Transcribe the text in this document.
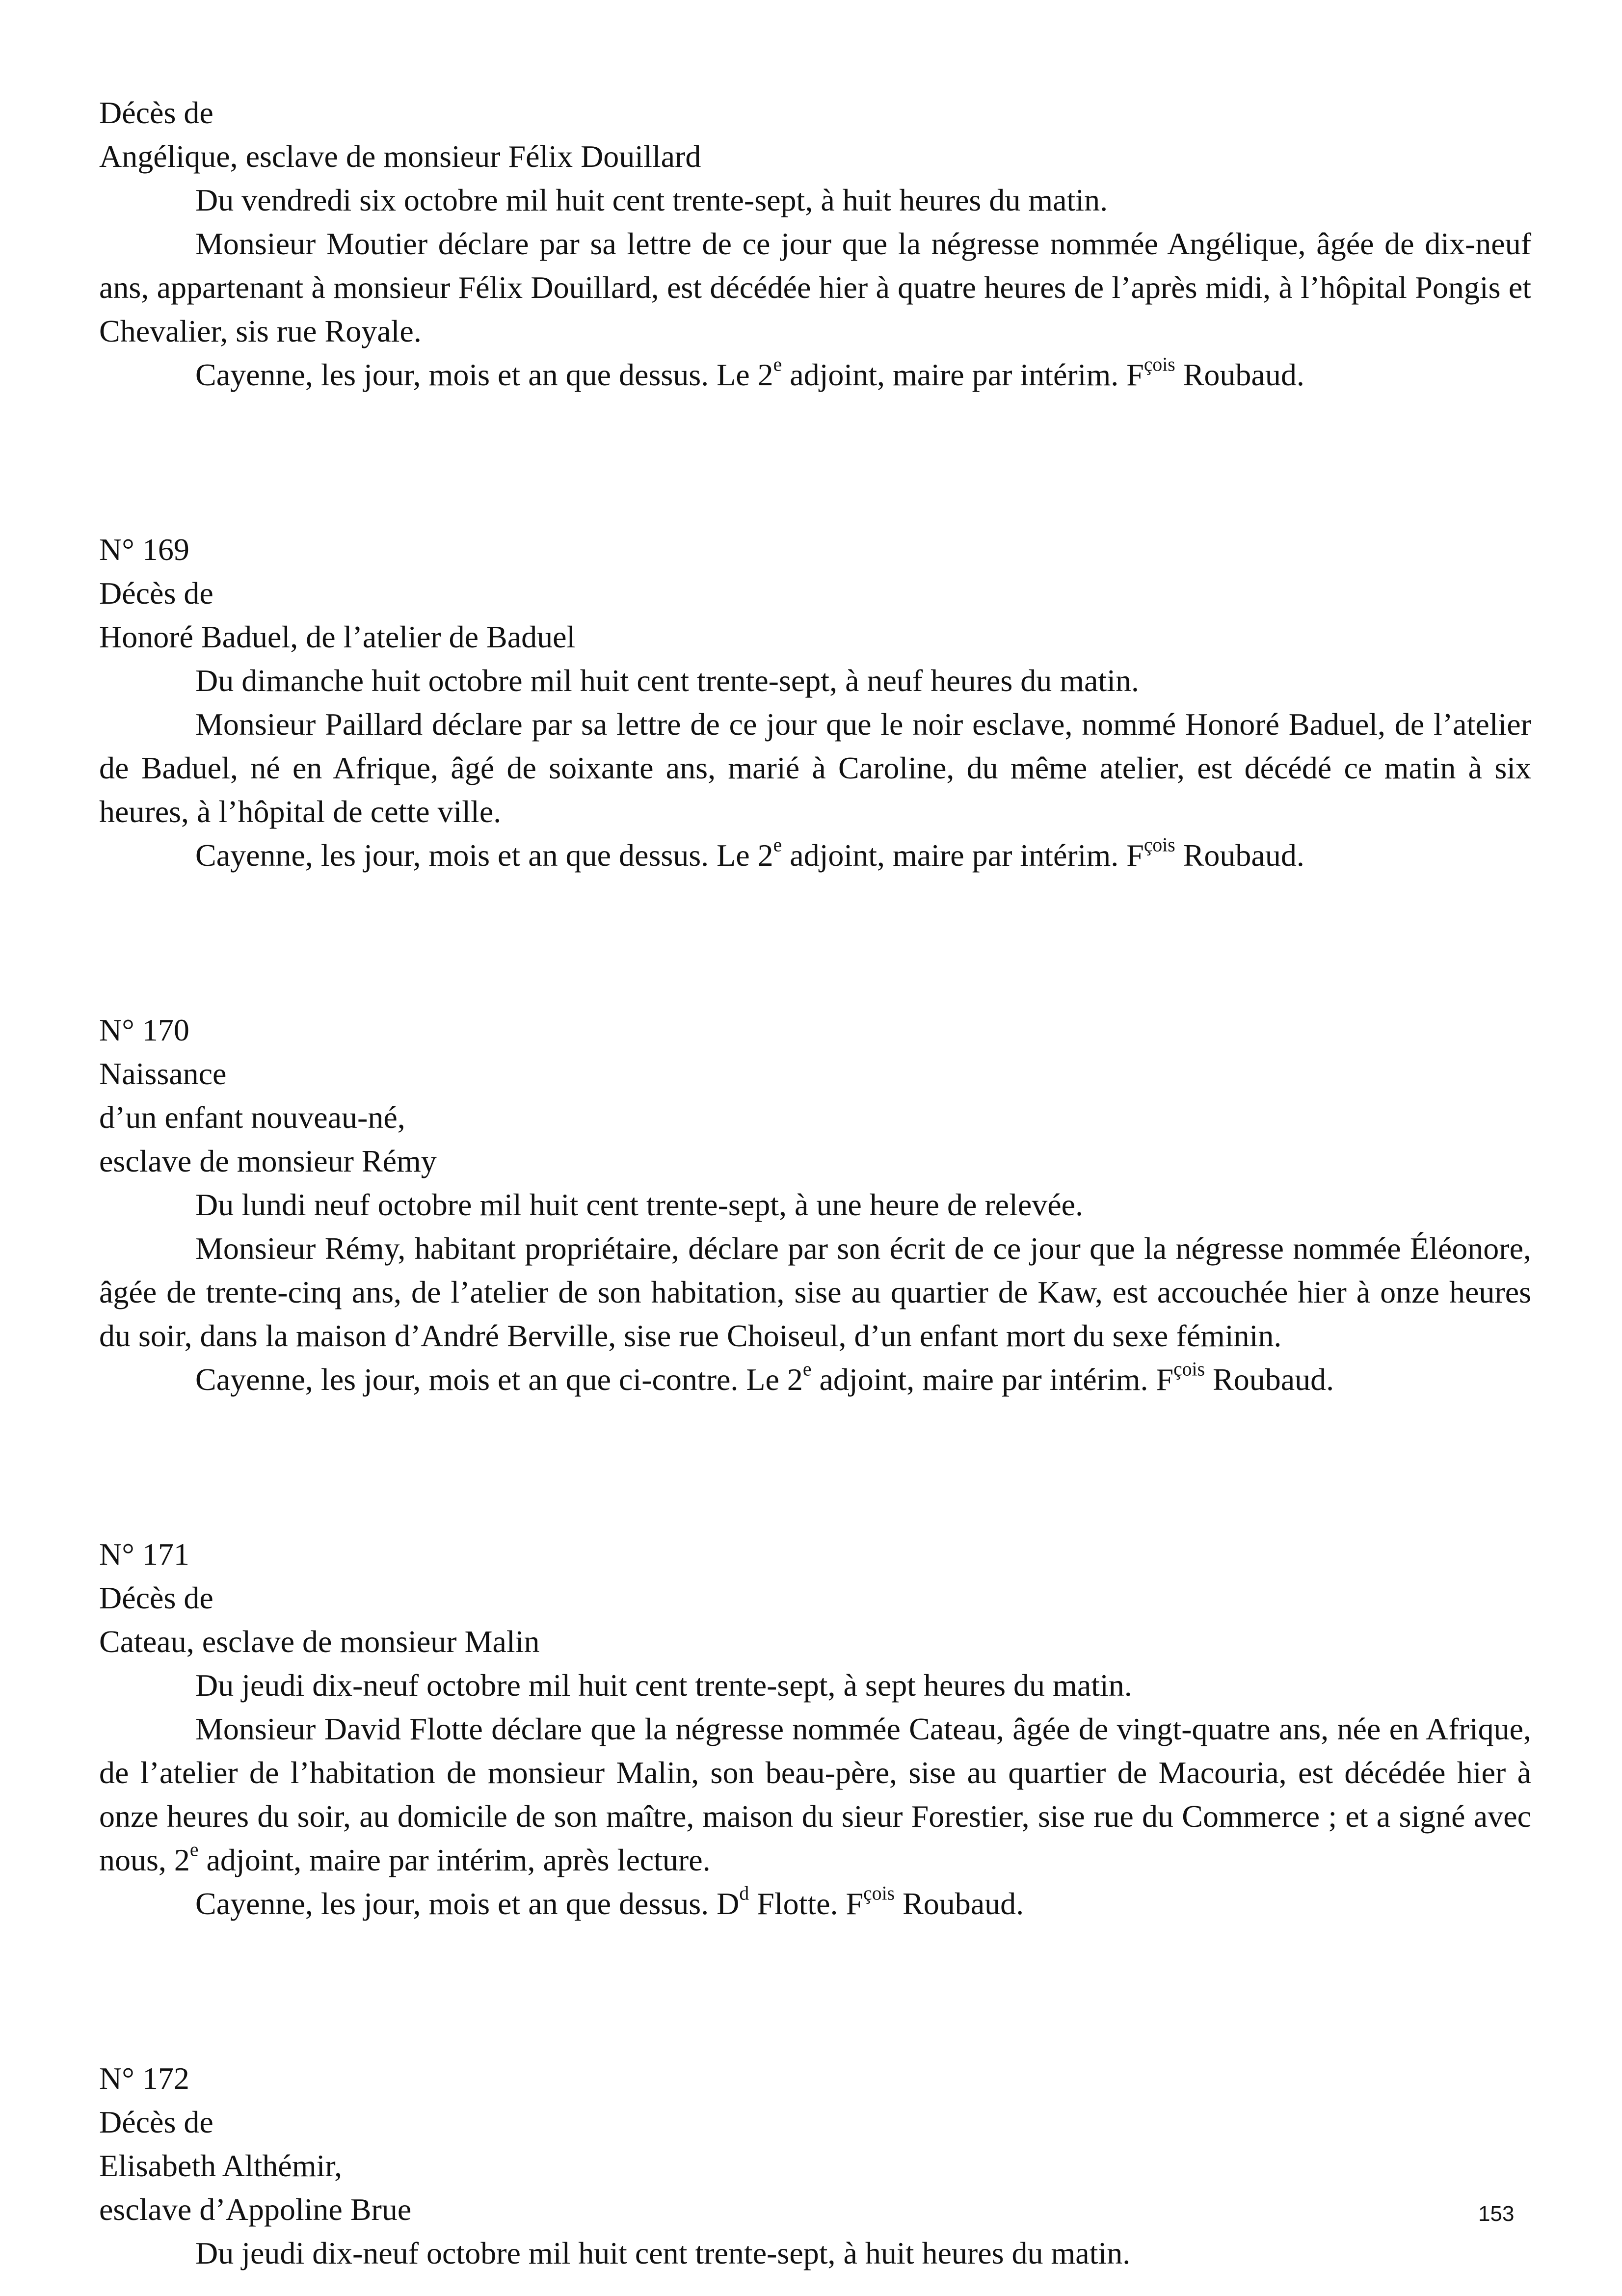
Décès de

Angélique, esclave de monsieur Félix Douillard

Du vendredi six octobre mil huit cent trente-sept, à huit heures du matin.

Monsieur Moutier déclare par sa lettre de ce jour que la négresse nommée Angélique, âgée de dix-neuf ans, appartenant à monsieur Félix Douillard, est décédée hier à quatre heures de l’après midi, à l’hôpital Pongis et Chevalier, sis rue Royale.

Cayenne, les jour, mois et an que dessus. Le 2e adjoint, maire par intérim. $F^{çois}$ Roubaud.

N° 169

Décès de

Honoré Baduel, de l’atelier de Baduel

Du dimanche huit octobre mil huit cent trente-sept, à neuf heures du matin.

Monsieur Paillard déclare par sa lettre de ce jour que le noir esclave, nommé Honoré Baduel, de l’atelier de Baduel, né en Afrique, âgé de soixante ans, marié à Caroline, du même atelier, est décédé ce matin à six heures, à l’hôpital de cette ville.

Cayenne, les jour, mois et an que dessus. Le 2e adjoint, maire par intérim. $F^{çois}$ Roubaud.

N° 170

Naissance

d’un enfant nouveau-né,

esclave de monsieur Rémy

Du lundi neuf octobre mil huit cent trente-sept, à une heure de relevée.

Monsieur Rémy, habitant propriétaire, déclare par son écrit de ce jour que la négresse nommée Éléonore, âgée de trente-cinq ans, de l’atelier de son habitation, sise au quartier de Kaw, est accouchée hier à onze heures du soir, dans la maison d’André Berville, sise rue Choiseul, d’un enfant mort du sexe féminin.

Cayenne, les jour, mois et an que ci-contre. Le 2e adjoint, maire par intérim. $F^{çois}$ Roubaud.

N° 171

Décès de

Cateau, esclave de monsieur Malin

Du jeudi dix-neuf octobre mil huit cent trente-sept, à sept heures du matin.

Monsieur David Flotte déclare que la négresse nommée Cateau, âgée de vingt-quatre ans, née en Afrique, de l’atelier de l’habitation de monsieur Malin, son beau-père, sise au quartier de Macouria, est décédée hier à onze heures du soir, au domicile de son maître, maison du sieur Forestier, sise rue du Commerce ; et a signé avec nous, 2e adjoint, maire par intérim, après lecture.

Cayenne, les jour, mois et an que dessus. $D^d$ Flotte. $F^{çois}$ Roubaud.

N° 172

Décès de

Elisabeth Althémir,

esclave d’Appoline Brue

Du jeudi dix-neuf octobre mil huit cent trente-sept, à huit heures du matin.

153
